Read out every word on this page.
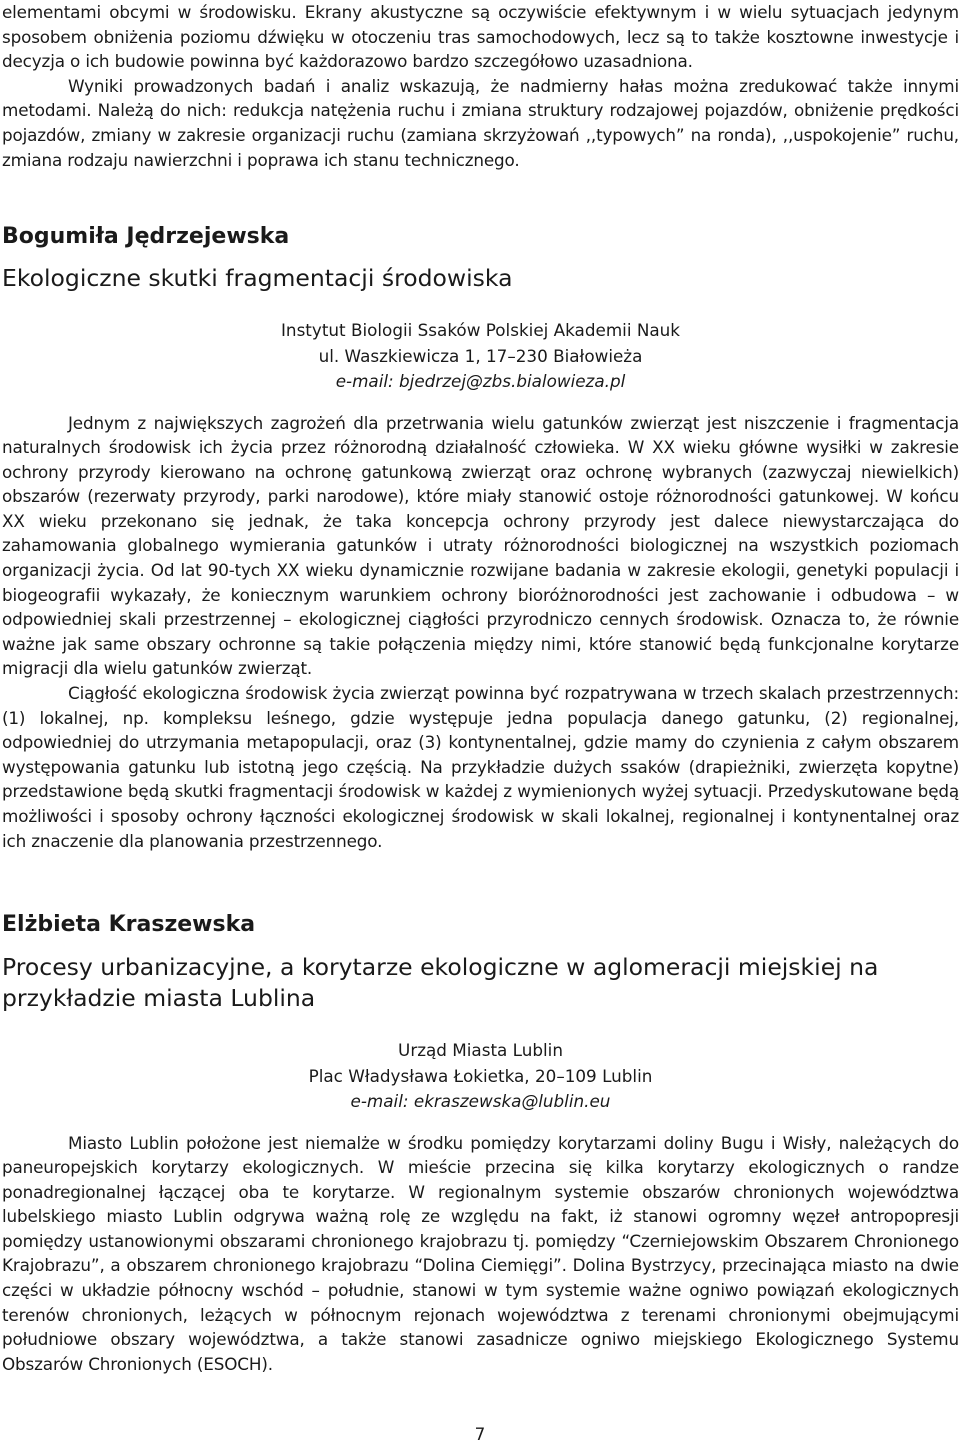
elementami obcymi w środowisku. Ekrany akustyczne są oczywiście efektywnym i w wielu sytuacjach jedynym sposobem obniżenia poziomu dźwięku w otoczeniu tras samochodowych, lecz są to także kosztowne inwestycje i decyzja o ich budowie powinna być każdorazowo bardzo szczegółowo uzasadniona.

Wyniki prowadzonych badań i analiz wskazują, że nadmierny hałas można zredukować także innymi metodami. Należą do nich: redukcja natężenia ruchu i zmiana struktury rodzajowej pojazdów, obniżenie prędkości pojazdów, zmiany w zakresie organizacji ruchu (zamiana skrzyżowań ,,typowych” na ronda), ,,uspokojenie” ruchu, zmiana rodzaju nawierzchni i poprawa ich stanu technicznego.

Bogumiła Jędrzejewska
Ekologiczne skutki fragmentacji środowiska
Instytut Biologii Ssaków Polskiej Akademii Nauk
ul. Waszkiewicza 1, 17–230 Białowieża
e-mail: bjedrzej@zbs.bialowieza.pl

Jednym z największych zagrożeń dla przetrwania wielu gatunków zwierząt jest niszczenie i fragmentacja naturalnych środowisk ich życia przez różnorodną działalność człowieka. W XX wieku główne wysiłki w zakresie ochrony przyrody kierowano na ochronę gatunkową zwierząt oraz ochronę wybranych (zazwyczaj niewielkich) obszarów (rezerwaty przyrody, parki narodowe), które miały stanowić ostoje różnorodności gatunkowej. W końcu XX wieku przekonano się jednak, że taka koncepcja ochrony przyrody jest dalece niewystarczająca do zahamowania globalnego wymierania gatunków i utraty różnorodności biologicznej na wszystkich poziomach organizacji życia. Od lat 90-tych XX wieku dynamicznie rozwijane badania w zakresie ekologii, genetyki populacji i biogeografii wykazały, że koniecznym warunkiem ochrony bioróżnorodności jest zachowanie i odbudowa – w odpowiedniej skali przestrzennej – ekologicznej ciągłości przyrodniczo cennych środowisk. Oznacza to, że równie ważne jak same obszary ochronne są takie połączenia między nimi, które stanowić będą funkcjonalne korytarze migracji dla wielu gatunków zwierząt.

Ciągłość ekologiczna środowisk życia zwierząt powinna być rozpatrywana w trzech skalach przestrzennych: (1) lokalnej, np. kompleksu leśnego, gdzie występuje jedna populacja danego gatunku, (2) regionalnej, odpowiedniej do utrzymania metapopulacji, oraz (3) kontynentalnej, gdzie mamy do czynienia z całym obszarem występowania gatunku lub istotną jego częścią. Na przykładzie dużych ssaków (drapieżniki, zwierzęta kopytne) przedstawione będą skutki fragmentacji środowisk w każdej z wymienionych wyżej sytuacji. Przedyskutowane będą możliwości i sposoby ochrony łączności ekologicznej środowisk w skali lokalnej, regionalnej i kontynentalnej oraz ich znaczenie dla planowania przestrzennego.

Elżbieta Kraszewska
Procesy urbanizacyjne, a korytarze ekologiczne w aglomeracji miejskiej na przykładzie miasta Lublina
Urząd Miasta Lublin
Plac Władysława Łokietka, 20–109 Lublin
e-mail: ekraszewska@lublin.eu

Miasto Lublin położone jest niemalże w środku pomiędzy korytarzami doliny Bugu i Wisły, należących do paneuropejskich korytarzy ekologicznych. W mieście przecina się kilka korytarzy ekologicznych o randze ponadregionalnej łączącej oba te korytarze. W regionalnym systemie obszarów chronionych województwa lubelskiego miasto Lublin odgrywa ważną rolę ze względu na fakt, iż stanowi ogromny węzeł antropopresji pomiędzy ustanowionymi obszarami chronionego krajobrazu tj. pomiędzy “Czerniejowskim Obszarem Chronionego Krajobrazu”, a obszarem chronionego krajobrazu “Dolina Ciemięgi”. Dolina Bystrzycy, przecinająca miasto na dwie części w układzie północny wschód – południe, stanowi w tym systemie ważne ogniwo powiązań ekologicznych terenów chronionych, leżących w północnym rejonach województwa z terenami chronionymi obejmującymi południowe obszary województwa, a także stanowi zasadnicze ogniwo miejskiego Ekologicznego Systemu Obszarów Chronionych (ESOCH).

7
